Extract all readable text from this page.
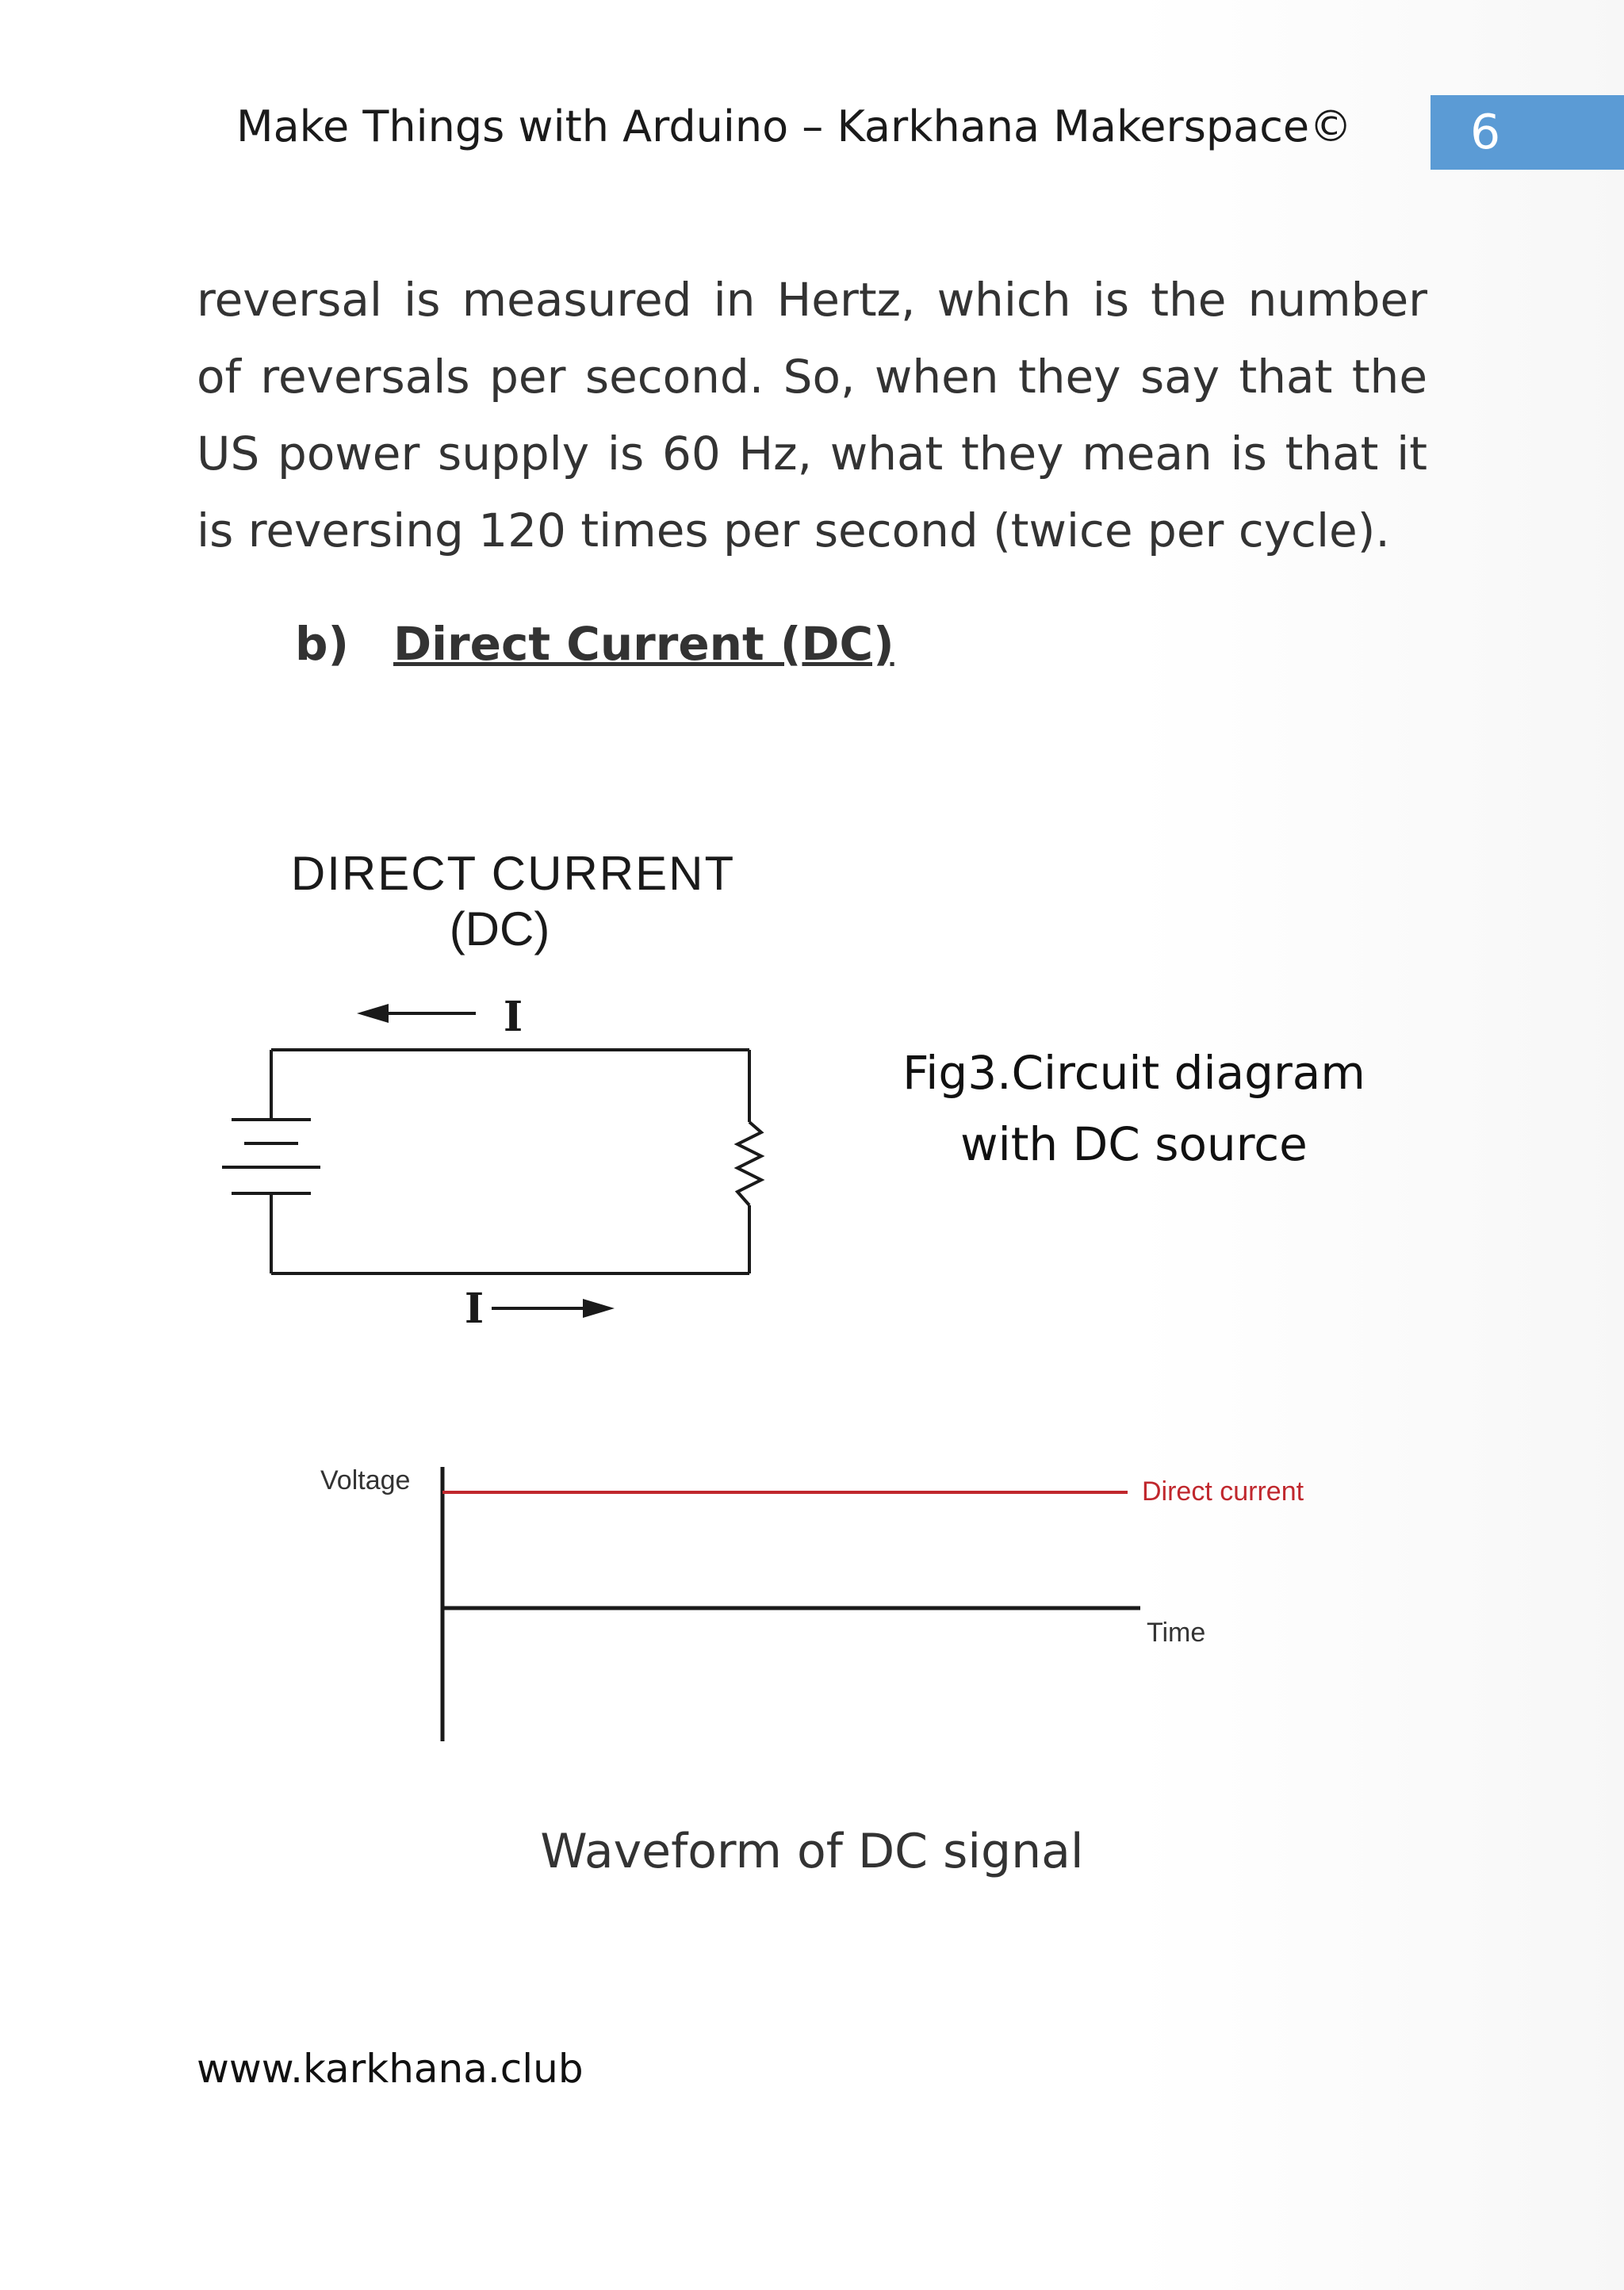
Make Things with Arduino – Karkhana Makerspace©	6
reversal is measured in Hertz, which is the number of reversals per second. So, when they say that the US power supply is 60 Hz, what they mean is that it is reversing 120 times per second (twice per cycle).
b) Direct Current (DC)
DIRECT CURRENT
(DC)
I
I
Fig3.Circuit diagram
with DC source
Voltage	Direct current
Time
Waveform of DC signal
www.karkhana.club
